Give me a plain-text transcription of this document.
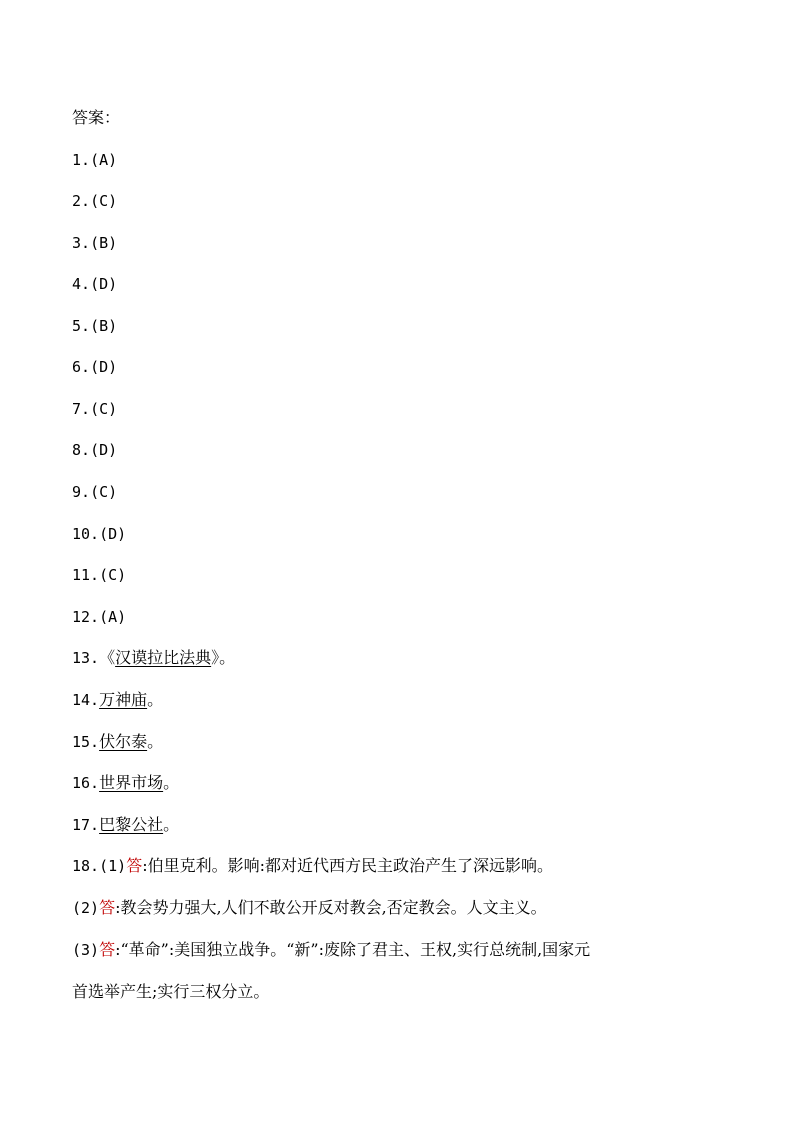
答案：
1.(A)
2.(C)
3.(B)
4.(D)
5.(B)
6.(D)
7.(C)
8.(D)
9.(C)
10.(D)
11.(C)
12.(A)
13.《汉谟拉比法典》。
14.万神庙。
15.伏尔泰。
16.世界市场。
17.巴黎公社。
18.(1)答:伯里克利。影响:都对近代西方民主政治产生了深远影响。
(2)答:教会势力强大,人们不敢公开反对教会,否定教会。人文主义。
(3)答:“革命”:美国独立战争。“新”:废除了君主、王权,实行总统制,国家元
首选举产生;实行三权分立。
